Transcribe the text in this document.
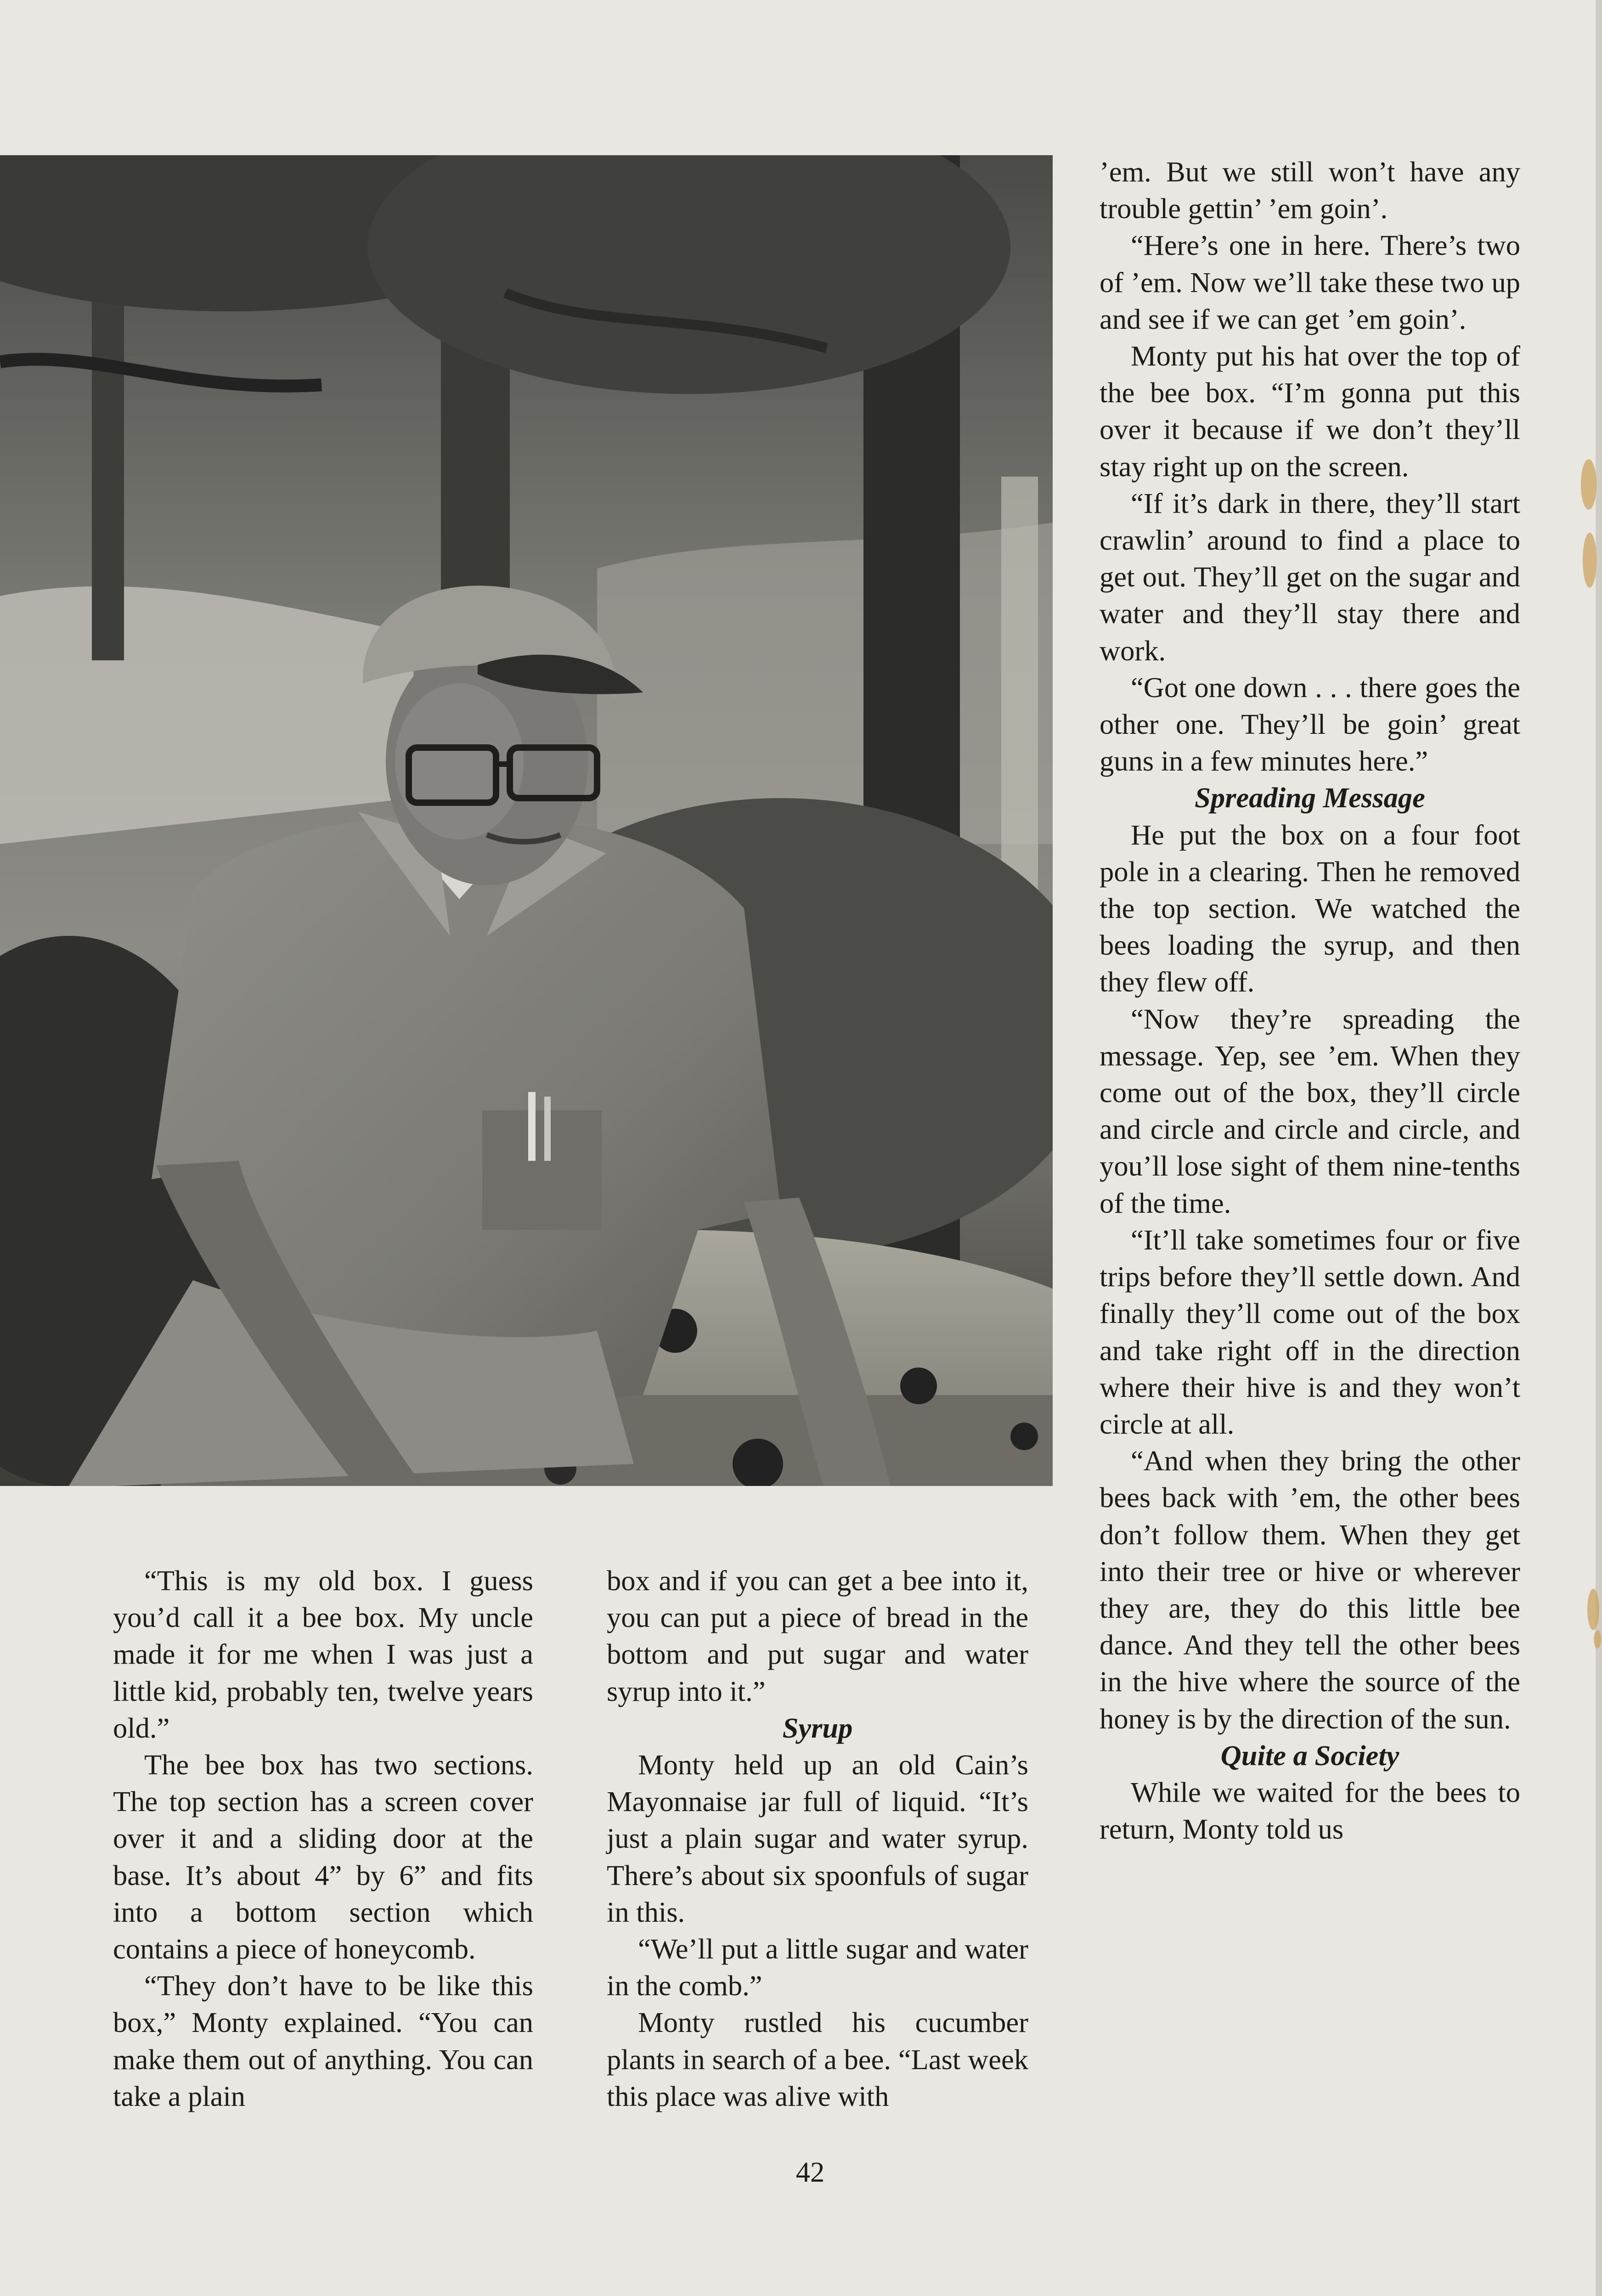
“This is my old box. I guess you’d call it a bee box. My uncle made it for me when I was just a little kid, probably ten, twelve years old.”

The bee box has two sections. The top section has a screen cover over it and a sliding door at the base. It’s about 4” by 6” and fits into a bottom section which contains a piece of honeycomb.

“They don’t have to be like this box,” Monty explained. “You can make them out of anything. You can take a plain

box and if you can get a bee into it, you can put a piece of bread in the bottom and put sugar and water syrup into it.”

Syrup

Monty held up an old Cain’s Mayonnaise jar full of liquid. “It’s just a plain sugar and water syrup. There’s about six spoonfuls of sugar in this.

“We’ll put a little sugar and water in the comb.”

Monty rustled his cucumber plants in search of a bee. “Last week this place was alive with

’em. But we still won’t have any trouble gettin’ ’em goin’.

“Here’s one in here. There’s two of ’em. Now we’ll take these two up and see if we can get ’em goin’.

Monty put his hat over the top of the bee box. “I’m gonna put this over it because if we don’t they’ll stay right up on the screen.

“If it’s dark in there, they’ll start crawlin’ around to find a place to get out. They’ll get on the sugar and water and they’ll stay there and work.

“Got one down . . . there goes the other one. They’ll be goin’ great guns in a few minutes here.”

Spreading Message

He put the box on a four foot pole in a clearing. Then he removed the top section. We watched the bees loading the syrup, and then they flew off.

“Now they’re spreading the message. Yep, see ’em. When they come out of the box, they’ll circle and circle and circle and circle, and you’ll lose sight of them nine-tenths of the time.

“It’ll take sometimes four or five trips before they’ll settle down. And finally they’ll come out of the box and take right off in the direction where their hive is and they won’t circle at all.

“And when they bring the other bees back with ’em, the other bees don’t follow them. When they get into their tree or hive or wherever they are, they do this little bee dance. And they tell the other bees in the hive where the source of the honey is by the direction of the sun.

Quite a Society

While we waited for the bees to return, Monty told us

42
